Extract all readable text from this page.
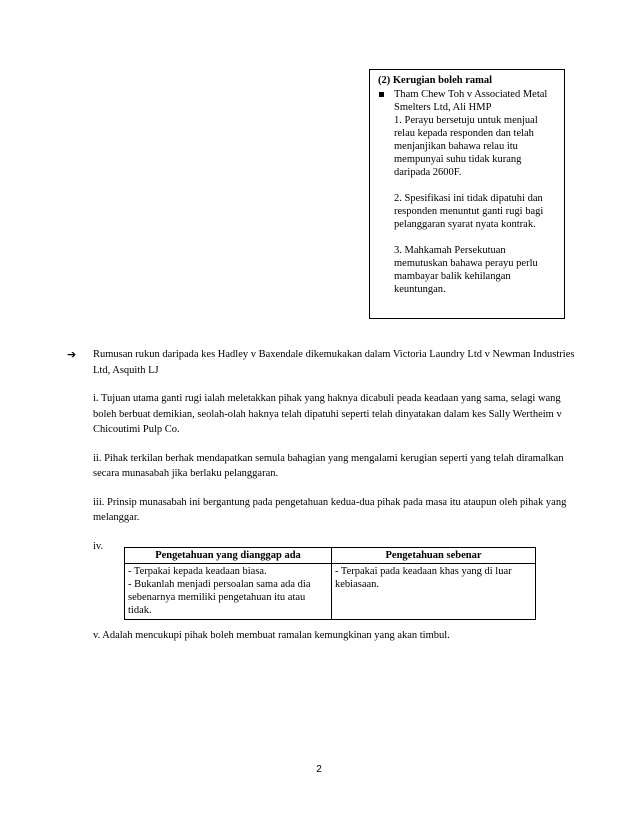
(2) Kerugian boleh ramal
Tham Chew Toh v Associated Metal Smelters Ltd, Ali HMP

1. Perayu bersetuju untuk menjual relau kepada responden dan telah menjanjikan bahawa relau itu mempunyai suhu tidak kurang daripada 2600F.

2. Spesifikasi ini tidak dipatuhi dan responden menuntut ganti rugi bagi pelanggaran syarat nyata kontrak.

3. Mahkamah Persekutuan memutuskan bahawa perayu perlu mambayar balik kehilangan keuntungan.

➔ Rumusan rukun daripada kes Hadley v Baxendale dikemukakan dalam Victoria Laundry Ltd v Newman Industries Ltd, Asquith LJ

i. Tujuan utama ganti rugi ialah meletakkan pihak yang haknya dicabuli peada keadaan yang sama, selagi wang boleh berbuat demikian, seolah-olah haknya telah dipatuhi seperti telah dinyatakan dalam kes Sally Wertheim v Chicoutimi Pulp Co.

ii. Pihak terkilan berhak mendapatkan semula bahagian yang mengalami kerugian seperti yang telah diramalkan secara munasabah jika berlaku pelanggaran.

iii. Prinsip munasabah ini bergantung pada pengetahuan kedua-dua pihak pada masa itu ataupun oleh pihak yang melanggar.

iv.

Pengetahuan yang dianggap ada	Pengetahuan sebenar

- Terpakai kepada keadaan biasa.
- Bukanlah menjadi persoalan sama ada dia sebenarnya memiliki pengetahuan itu atau tidak.	- Terpakai pada keadaan khas yang di luar kebiasaan.

v. Adalah mencukupi pihak boleh membuat ramalan kemungkinan yang akan timbul.

2
